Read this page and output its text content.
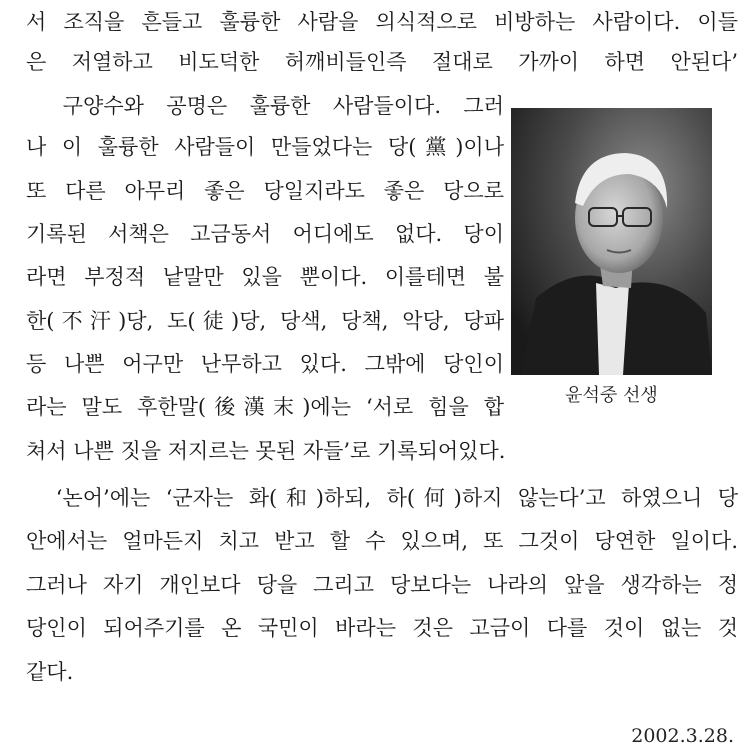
서 조직을 흔들고 훌륭한 사람을 의식적으로 비방하는 사람이다. 이들
은 저열하고 비도덕한 허깨비들인즉 절대로 가까이 하면 안된다’
　구양수와 공명은 훌륭한 사람들이다. 그러
나 이 훌륭한 사람들이 만들었다는 당(黨)이나
또 다른 아무리 좋은 당일지라도 좋은 당으로
기록된 서책은 고금동서 어디에도 없다. 당이
라면 부정적 낱말만 있을 뿐이다. 이를테면 불
한(不汗)당, 도(徒)당, 당색, 당책, 악당, 당파
등 나쁜 어구만 난무하고 있다. 그밖에 당인이
라는 말도 후한말(後漢末)에는 ‘서로 힘을 합
쳐서 나쁜 짓을 저지르는 못된 자들’로 기록되어있다.
　‘논어’에는 ‘군자는 화(和)하되, 하(何)하지 않는다’고 하였으니 당
안에서는 얼마든지 치고 받고 할 수 있으며, 또 그것이 당연한 일이다.
그러나 자기 개인보다 당을 그리고 당보다는 나라의 앞을 생각하는 정
당인이 되어주기를 온 국민이 바라는 것은 고금이 다를 것이 없는 것
같다.
윤석중 선생
2002.3.28.
